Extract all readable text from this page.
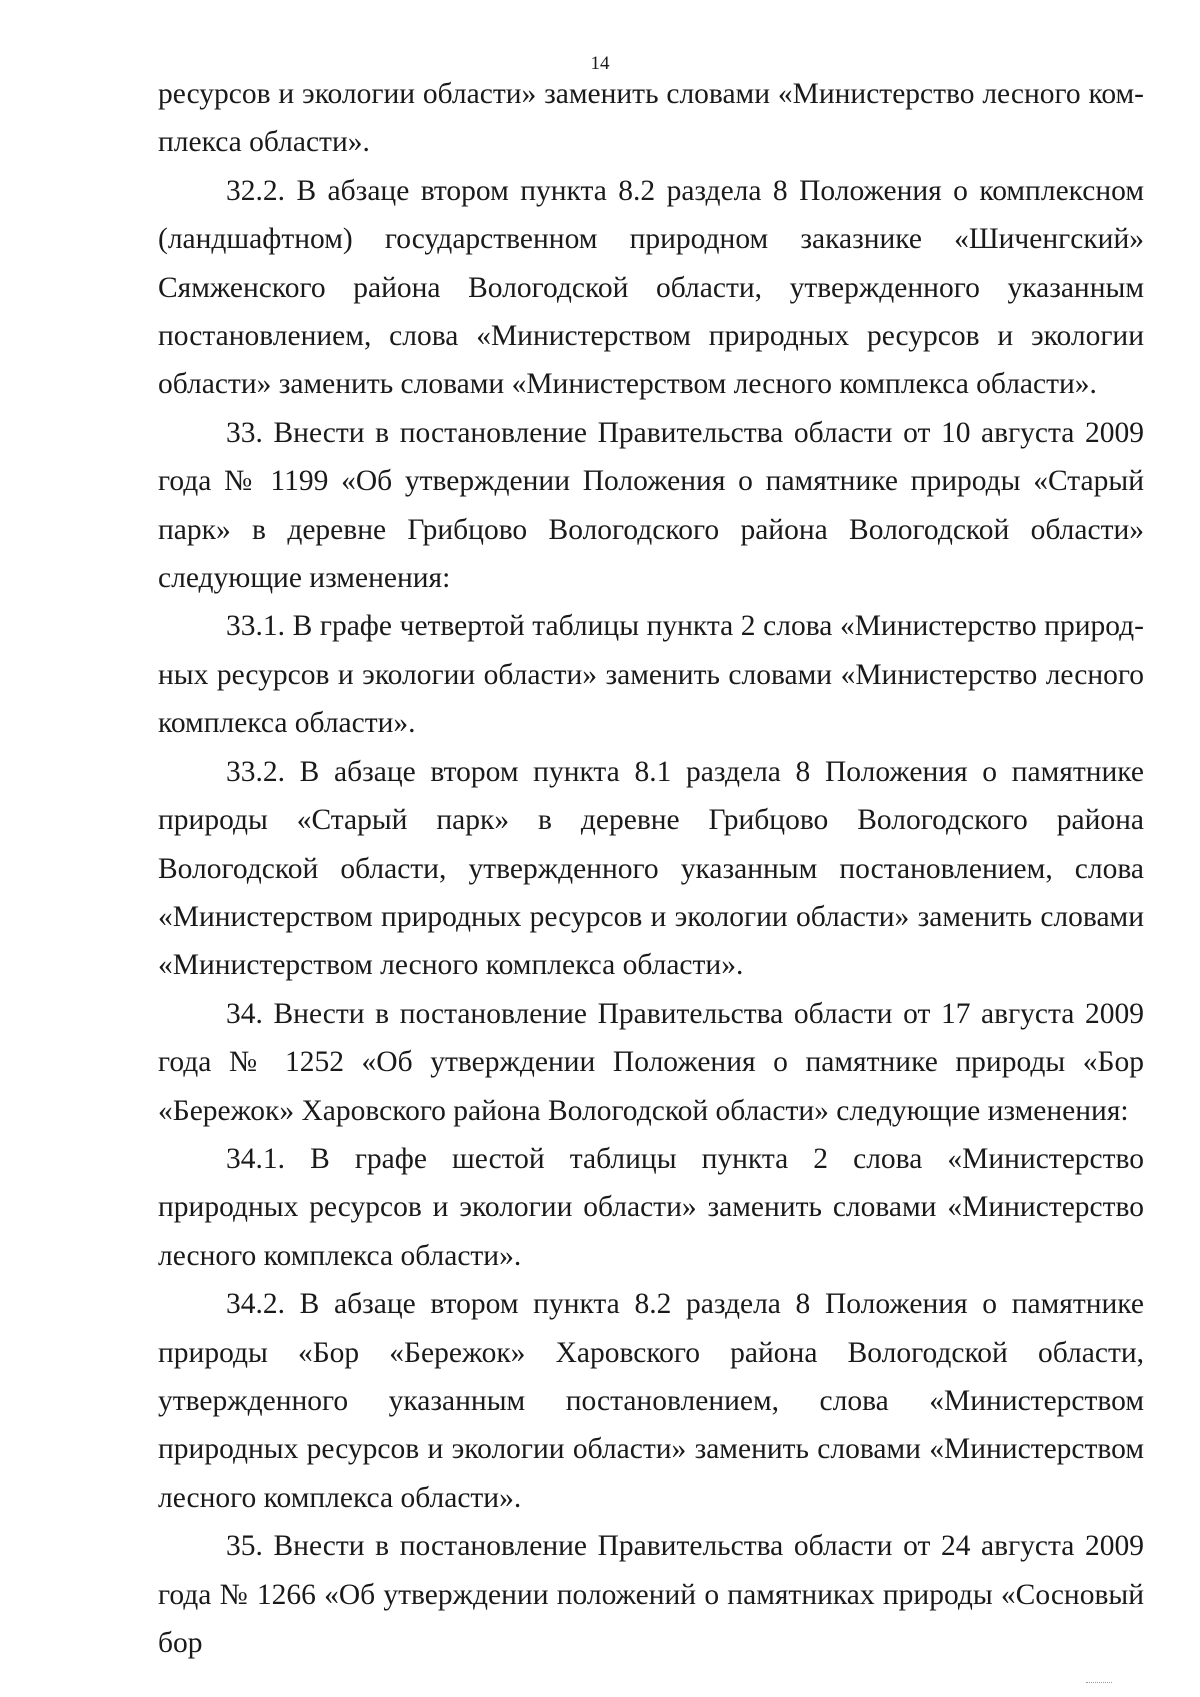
14

ресурсов и экологии области» заменить словами «Министерство лесного комплекса области».

32.2. В абзаце втором пункта 8.2 раздела 8 Положения о комплексном (ландшафтном) государственном природном заказнике «Шиченгский» Сямженского района Вологодской области, утвержденного указанным постановлением, слова «Министерством природных ресурсов и экологии области» заменить словами «Министерством лесного комплекса области».

33. Внести в постановление Правительства области от 10 августа 2009 года № 1199 «Об утверждении Положения о памятнике природы «Старый парк» в деревне Грибцово Вологодского района Вологодской области» следующие изменения:

33.1. В графе четвертой таблицы пункта 2 слова «Министерство природных ресурсов и экологии области» заменить словами «Министерство лесного комплекса области».

33.2. В абзаце втором пункта 8.1 раздела 8 Положения о памятнике природы «Старый парк» в деревне Грибцово Вологодского района Вологодской области, утвержденного указанным постановлением, слова «Министерством природных ресурсов и экологии области» заменить словами «Министерством лесного комплекса области».

34. Внести в постановление Правительства области от 17 августа 2009 года № 1252 «Об утверждении Положения о памятнике природы «Бор «Бережок» Харовского района Вологодской области» следующие изменения:

34.1. В графе шестой таблицы пункта 2 слова «Министерство природных ресурсов и экологии области» заменить словами «Министерство лесного комплекса области».

34.2. В абзаце втором пункта 8.2 раздела 8 Положения о памятнике природы «Бор «Бережок» Харовского района Вологодской области, утвержденного указанным постановлением, слова «Министерством природных ресурсов и экологии области» заменить словами «Министерством лесного комплекса области».

35. Внести в постановление Правительства области от 24 августа 2009 года № 1266 «Об утверждении положений о памятниках природы «Сосновый бор
